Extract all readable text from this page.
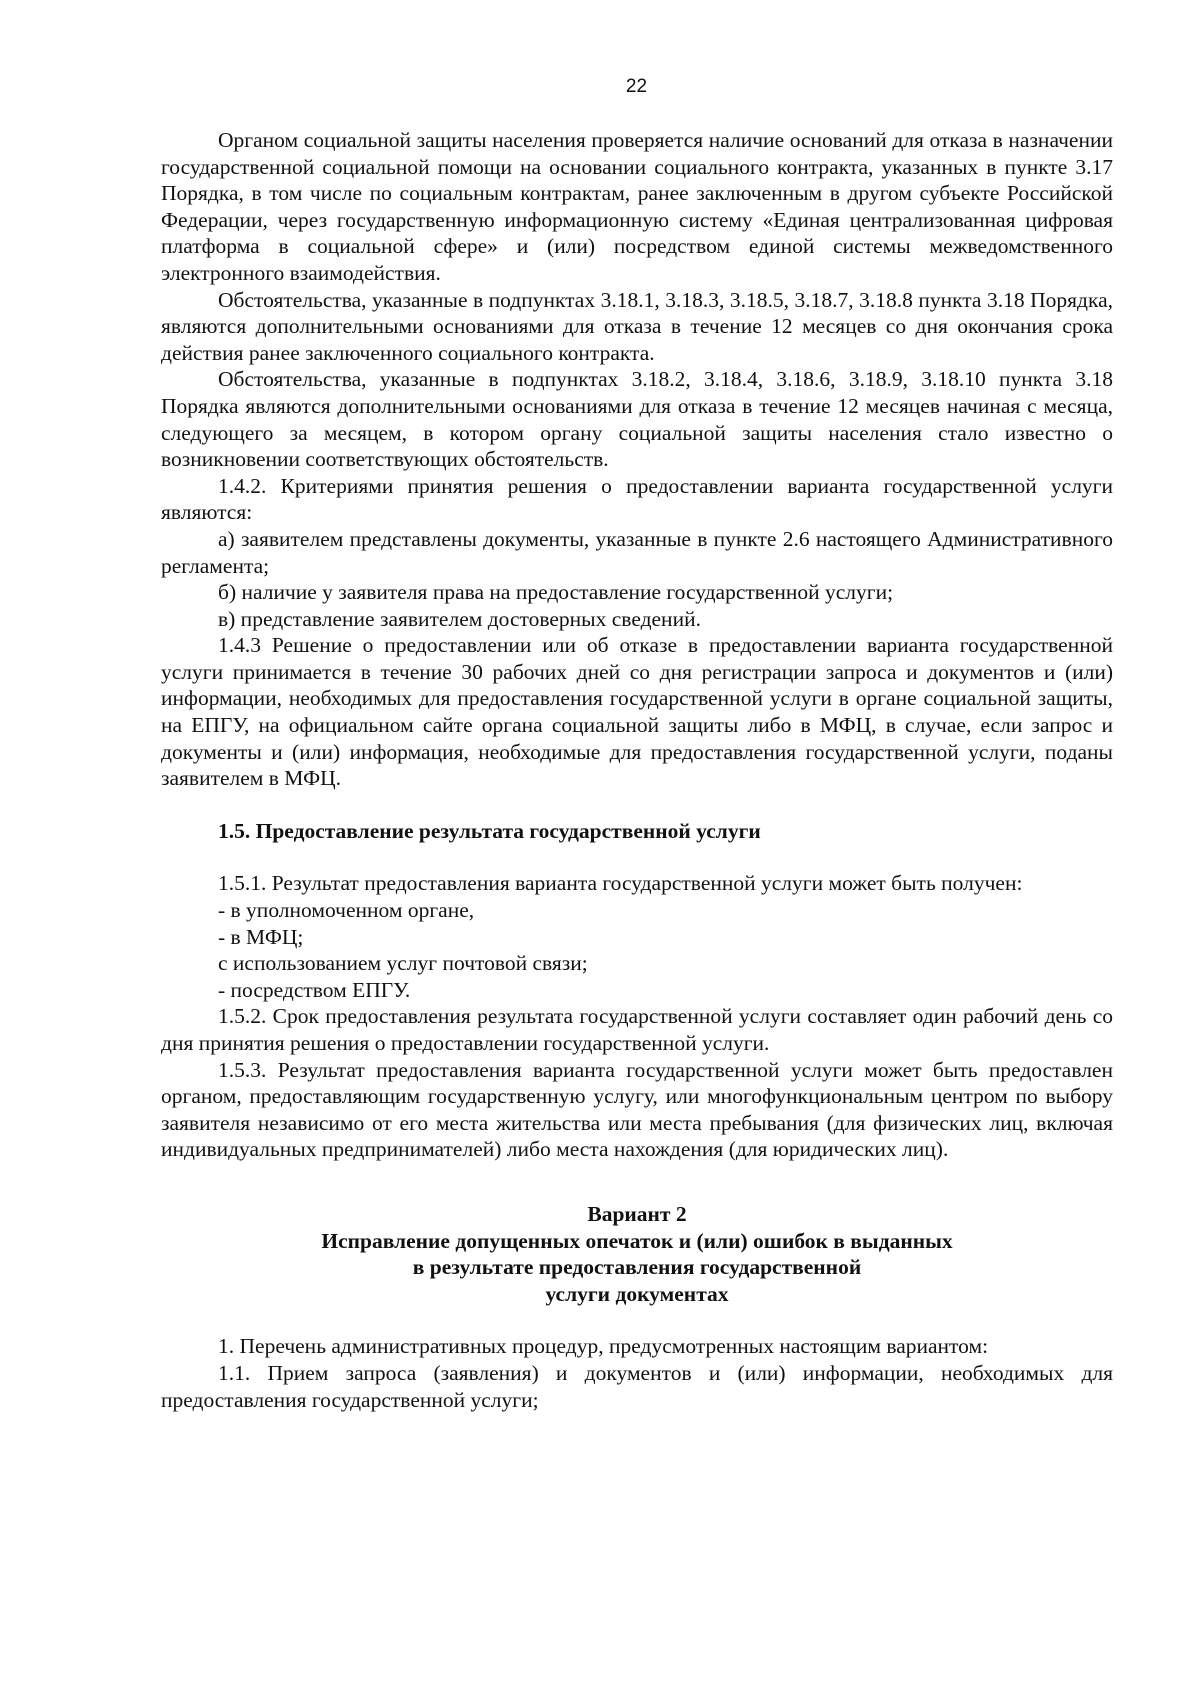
22

Органом социальной защиты населения проверяется наличие оснований для отказа в назначении государственной социальной помощи на основании социального контракта, указанных в пункте 3.17 Порядка, в том числе по социальным контрактам, ранее заключенным в другом субъекте Российской Федерации, через государственную информационную систему «Единая централизованная цифровая платформа в социальной сфере» и (или) посредством единой системы межведомственного электронного взаимодействия.

Обстоятельства, указанные в подпунктах 3.18.1, 3.18.3, 3.18.5, 3.18.7, 3.18.8 пункта 3.18 Порядка, являются дополнительными основаниями для отказа в течение 12 месяцев со дня окончания срока действия ранее заключенного социального контракта.

Обстоятельства, указанные в подпунктах 3.18.2, 3.18.4, 3.18.6, 3.18.9, 3.18.10 пункта 3.18 Порядка являются дополнительными основаниями для отказа в течение 12 месяцев начиная с месяца, следующего за месяцем, в котором органу социальной защиты населения стало известно о возникновении соответствующих обстоятельств.

1.4.2. Критериями принятия решения о предоставлении варианта государственной услуги являются:

а) заявителем представлены документы, указанные в пункте 2.6 настоящего Административного регламента;

б) наличие у заявителя права на предоставление государственной услуги;

в) представление заявителем достоверных сведений.

1.4.3 Решение о предоставлении или об отказе в предоставлении варианта государственной услуги принимается в течение 30 рабочих дней со дня регистрации запроса и документов и (или) информации, необходимых для предоставления государственной услуги в органе социальной защиты, на ЕПГУ, на официальном сайте органа социальной защиты либо в МФЦ, в случае, если запрос и документы и (или) информация, необходимые для предоставления государственной услуги, поданы заявителем в МФЦ.

1.5. Предоставление результата государственной услуги

1.5.1. Результат предоставления варианта государственной услуги может быть получен:

- в уполномоченном органе,

- в МФЦ;

с использованием услуг почтовой связи;

- посредством ЕПГУ.

1.5.2. Срок предоставления результата государственной услуги составляет один рабочий день со дня принятия решения о предоставлении государственной услуги.

1.5.3. Результат предоставления варианта государственной услуги может быть предоставлен органом, предоставляющим государственную услугу, или многофункциональным центром по выбору заявителя независимо от его места жительства или места пребывания (для физических лиц, включая индивидуальных предпринимателей) либо места нахождения (для юридических лиц).

Вариант 2
Исправление допущенных опечаток и (или) ошибок в выданных
в результате предоставления государственной
услуги документах

1. Перечень административных процедур, предусмотренных настоящим вариантом:

1.1. Прием запроса (заявления) и документов и (или) информации, необходимых для предоставления государственной услуги;
